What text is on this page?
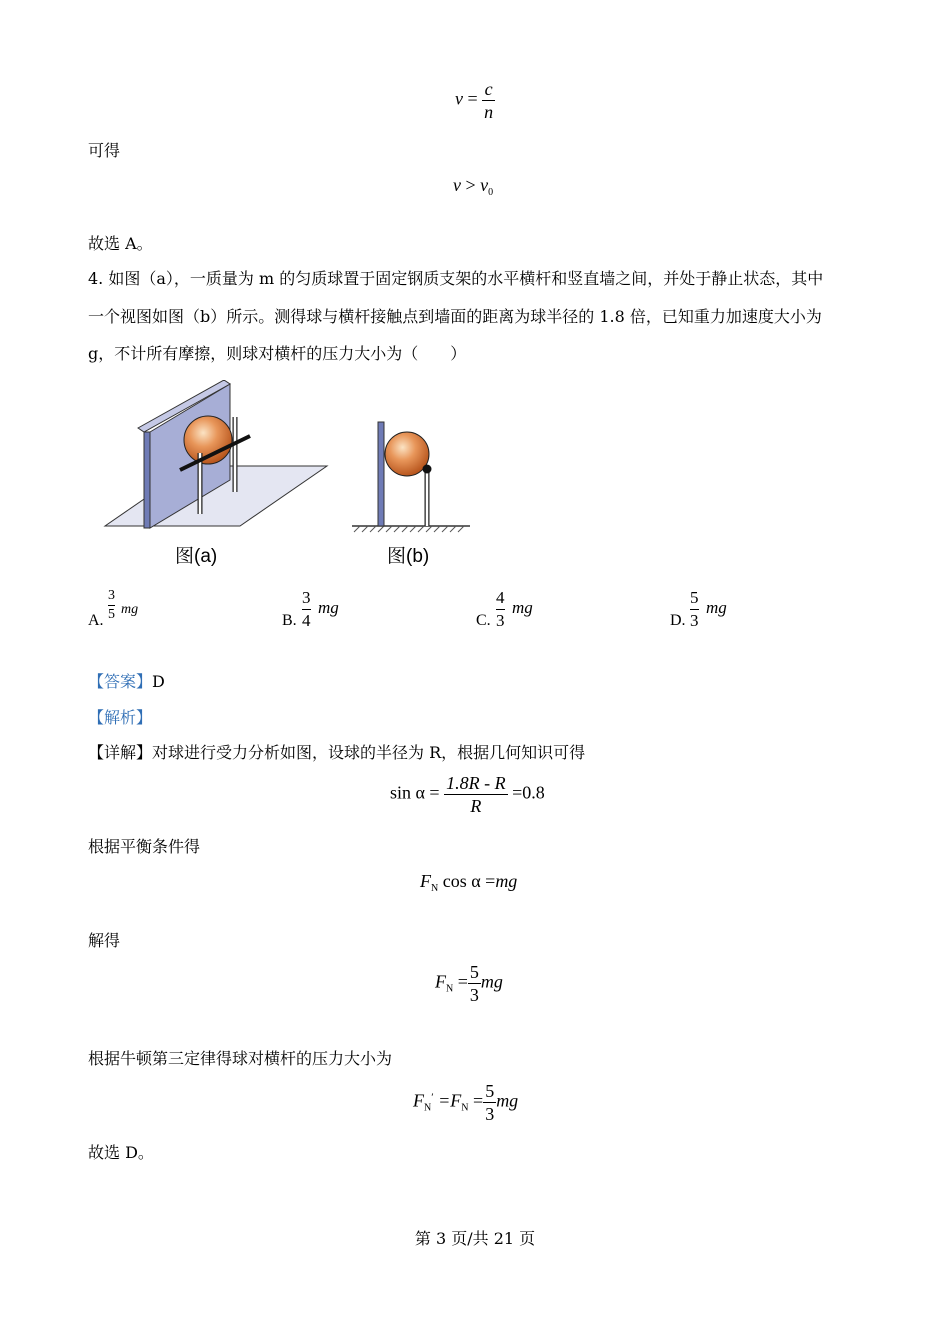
$v = \frac{c}{n}$
可得
$v > v_0$
故选 A。
4. 如图（a），一质量为 m 的匀质球置于固定钢质支架的水平横杆和竖直墙之间，并处于静止状态，其中
一个视图如图（b）所示。测得球与横杆接触点到墙面的距离为球半径的 1.8 倍，已知重力加速度大小为
g，不计所有摩擦，则球对横杆的压力大小为（　　）
图(a)	图(b)
A.
3
5 mg
B.
3
4
mg
C.
4
3
mg
D.
5
3
mg
【答案】D
【解析】
【详解】对球进行受力分析如图，设球的半径为 R，根据几何知识可得
$\sin \alpha = \frac{1.8R - R}{R} =0.8$
根据平衡条件得
$F_N$ cos α =mg
解得
$F_N = \frac{5}{3}$ mg
根据牛顿第三定律得球对横杆的压力大小为
$F_N' =F_N = \frac{5}{3}$ mg
故选 D。
第 3 页/共 21 页
